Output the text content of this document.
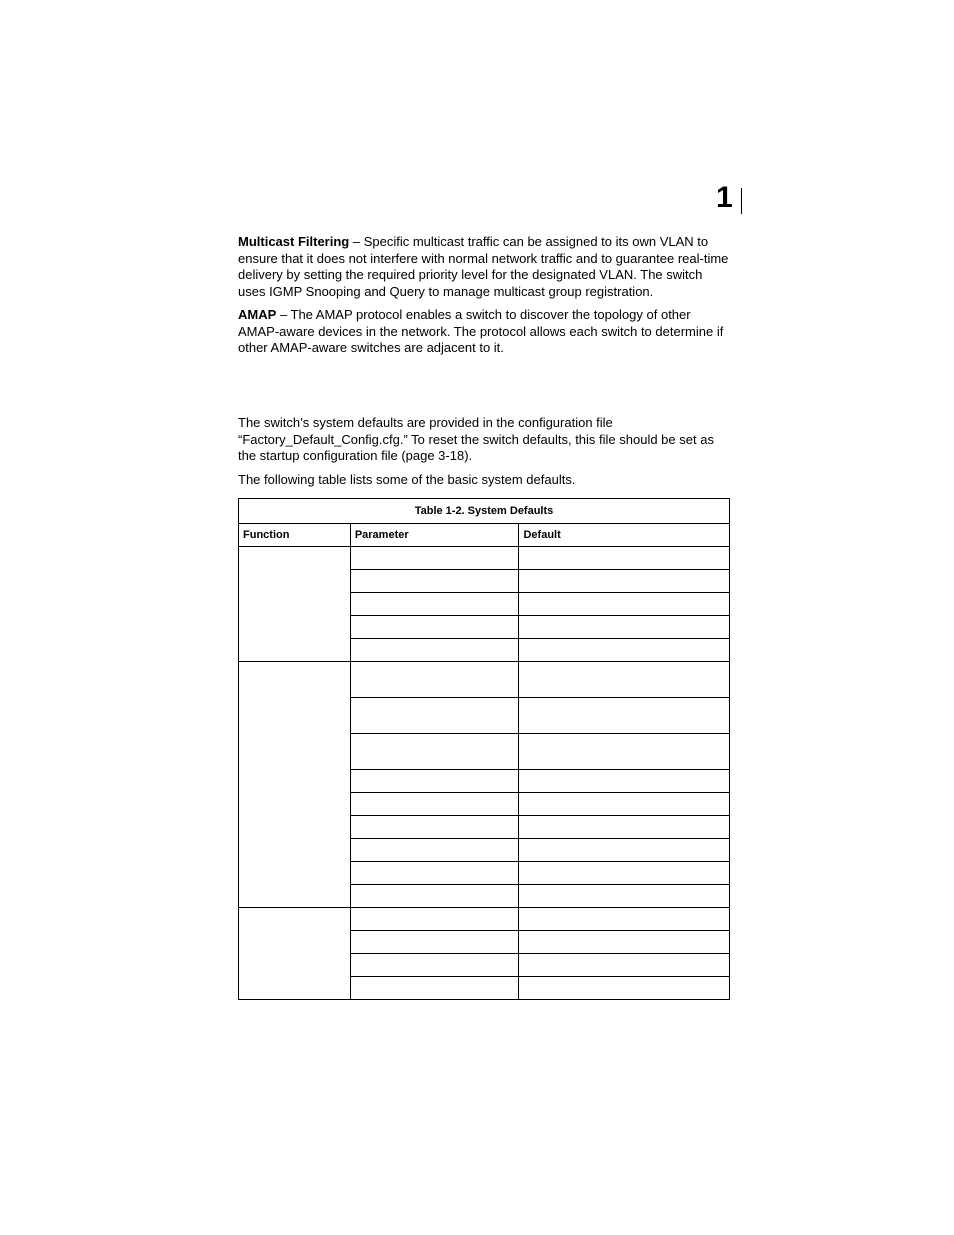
1

Multicast Filtering – Specific multicast traffic can be assigned to its own VLAN to ensure that it does not interfere with normal network traffic and to guarantee real-time delivery by setting the required priority level for the designated VLAN. The switch uses IGMP Snooping and Query to manage multicast group registration.

AMAP – The AMAP protocol enables a switch to discover the topology of other AMAP-aware devices in the network. The protocol allows each switch to determine if other AMAP-aware switches are adjacent to it.

The switch’s system defaults are provided in the configuration file “Factory_Default_Config.cfg.” To reset the switch defaults, this file should be set as the startup configuration file (page 3-18).

The following table lists some of the basic system defaults.

Table 1-2. System Defaults		
Function	Parameter	Default
